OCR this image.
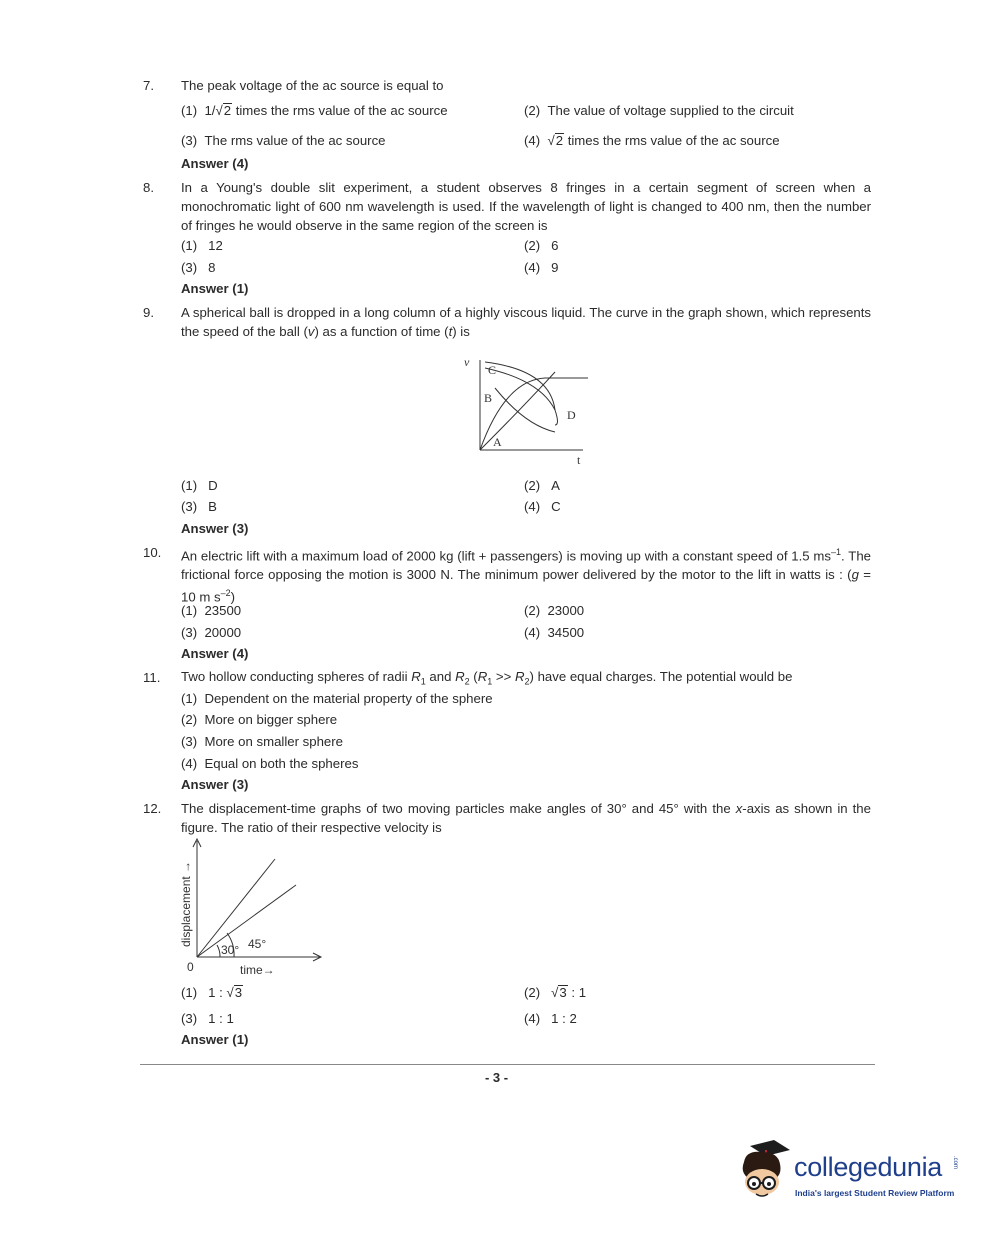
7. The peak voltage of the ac source is equal to
(1) 1/√2 times the rms value of the ac source	(2) The value of voltage supplied to the circuit
(3) The rms value of the ac source	(4)  √2 times the rms value of the ac source
Answer (4)
8. In a Young's double slit experiment, a student observes 8 fringes in a certain segment of screen when a monochromatic light of 600 nm wavelength is used. If the wavelength of light is changed to 400 nm, then the number of fringes he would observe in the same region of the screen is
(1) 12	(2) 6
(3) 8	(4) 9
Answer (1)
9. A spherical ball is dropped in a long column of a highly viscous liquid. The curve in the graph shown, which represents the speed of the ball (v) as a function of time (t) is
v
t
C
B
D
A
(1) D	(2) A
(3) B	(4) C
Answer (3)
10. An electric lift with a maximum load of 2000 kg (lift + passengers) is moving up with a constant speed of 1.5 $ms^{-1}$. The frictional force opposing the motion is 3000 N. The minimum power delivered by the motor to the lift in watts is : (g = 10 m $s^{-2}$)
(1) 23500	(2) 23000
(3) 20000	(4) 34500
Answer (4)
11. Two hollow conducting spheres of radii $R_1$ and $R_2$ $(R_1 >> R_2)$ have equal charges. The potential would be
(1) Dependent on the material property of the sphere
(2) More on bigger sphere
(3) More on smaller sphere
(4) Equal on both the spheres
Answer (3)
12. The displacement-time graphs of two moving particles make angles of 30° and 45° with the x-axis as shown in the figure. The ratio of their respective velocity is
displacement →
time→
0
30° 45°
(1) 1 : √3	(2)   √3 : 1
(3) 1 : 1	(4) 1 : 2
Answer (1)
- 3 -
collegedunia .com
India's largest Student Review Platform
